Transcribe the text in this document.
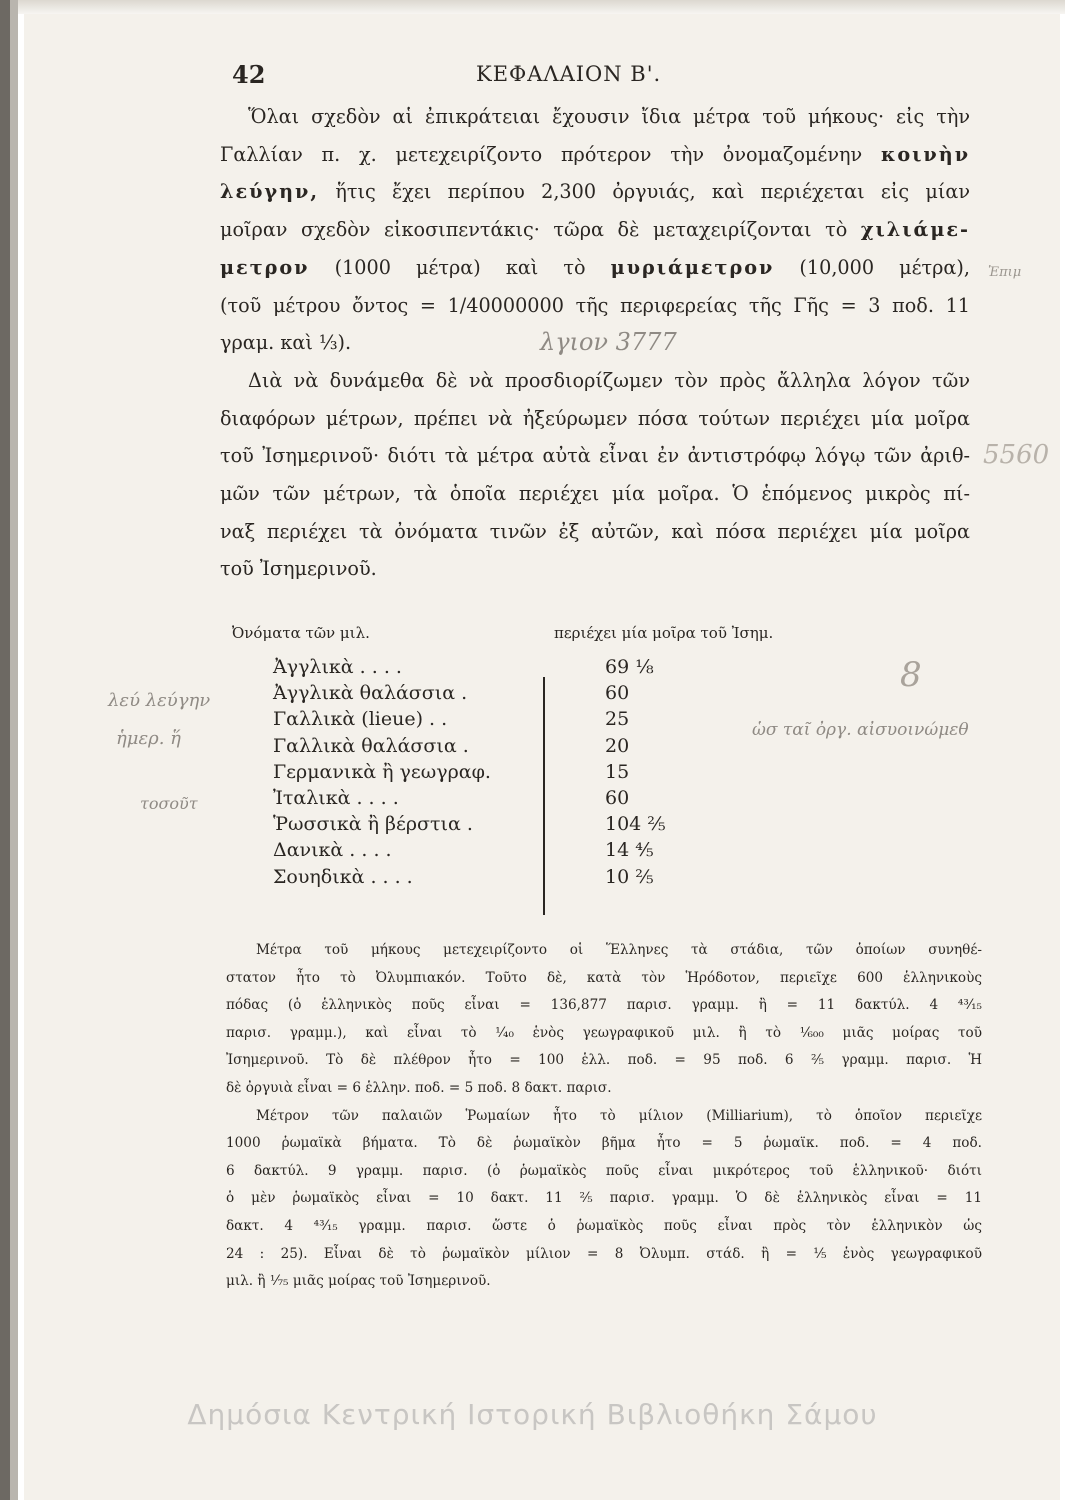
42	ΚΕΦΑΛΑΙΟΝ Β'.

Ὅλαι σχεδὸν αἱ ἐπικράτειαι ἔχουσιν ἴδια μέτρα τοῦ μήκους· εἰς τὴν

Γαλλίαν π. χ. μετεχειρίζοντο πρότερον τὴν ὀνομαζομένην κοινὴν

λεύγην, ἥτις ἔχει περίπου 2,300 ὀργυιάς, καὶ περιέχεται εἰς μίαν

μοῖραν σχεδὸν εἰκοσιπεντάκις· τῶρα δὲ μεταχειρίζονται τὸ χιλιάμε-

μετρον (1000 μέτρα) καὶ τὸ μυριάμετρον (10,000 μέτρα),

(τοῦ μέτρου ὄντος = 1/40000000 τῆς περιφερείας τῆς Γῆς = 3 ποδ. 11

γραμ. καὶ ⅓).

Διὰ νὰ δυνάμεθα δὲ νὰ προσδιορίζωμεν τὸν πρὸς ἄλληλα λόγον τῶν

διαφόρων μέτρων, πρέπει νὰ ἠξεύρωμεν πόσα τούτων περιέχει μία μοῖρα

τοῦ Ἰσημερινοῦ· διότι τὰ μέτρα αὐτὰ εἶναι ἐν ἀντιστρόφῳ λόγῳ τῶν ἀριθ-

μῶν τῶν μέτρων, τὰ ὁποῖα περιέχει μία μοῖρα. Ὁ ἑπόμενος μικρὸς πί-

ναξ περιέχει τὰ ὀνόματα τινῶν ἐξ αὐτῶν, καὶ πόσα περιέχει μία μοῖρα

τοῦ Ἰσημερινοῦ.

Ὀνόματα τῶν μιλ.	περιέχει μία μοῖρα τοῦ Ἰσημ.
Ἀγγλικὰ . . . .	69 ⅛
Ἀγγλικὰ θαλάσσια .	60
Γαλλικὰ (lieue) . .	25
Γαλλικὰ θαλάσσια .	20
Γερμανικὰ ἢ γεωγραφ.	15
Ἰταλικὰ . . . .	60
Ῥωσσικὰ ἢ βέρστια .	104 ⅖
Δανικὰ . . . .	14 ⅘
Σουηδικὰ . . . .	10 ⅖

Μέτρα τοῦ μήκους μετεχειρίζοντο οἱ Ἕλληνες τὰ στάδια, τῶν ὁποίων συνηθέ-

στατον ἦτο τὸ Ὀλυμπιακόν. Τοῦτο δὲ, κατὰ τὸν Ἡρόδοτον, περιεῖχε 600 ἑλληνικοὺς

πόδας (ὁ ἑλληνικὸς ποῦς εἶναι = 136,877 παρισ. γραμμ. ἢ = 11 δακτύλ. 4 ⁴³⁄₁₅

παρισ. γραμμ.), καὶ εἶναι τὸ ¹⁄₄₀ ἑνὸς γεωγραφικοῦ μιλ. ἢ τὸ ¹⁄₆₀₀ μιᾶς μοίρας τοῦ

Ἰσημερινοῦ. Τὸ δὲ πλέθρον ἦτο = 100 ἑλλ. ποδ. = 95 ποδ. 6 ²⁄₅ γραμμ. παρισ. Ἡ

δὲ ὀργυιὰ εἶναι = 6 ἑλλην. ποδ. = 5 ποδ. 8 δακτ. παρισ.

Μέτρον τῶν παλαιῶν Ῥωμαίων ἦτο τὸ μίλιον (Milliarium), τὸ ὁποῖον περιεῖχε

1000 ῥωμαϊκὰ βήματα. Τὸ δὲ ῥωμαϊκὸν βῆμα ἦτο = 5 ῥωμαϊκ. ποδ. = 4 ποδ.

6 δακτύλ. 9 γραμμ. παρισ. (ὁ ῥωμαϊκὸς ποῦς εἶναι μικρότερος τοῦ ἑλληνικοῦ· διότι

ὁ μὲν ῥωμαϊκὸς εἶναι = 10 δακτ. 11 ²⁄₅ παρισ. γραμμ. Ὁ δὲ ἑλληνικὸς εἶναι = 11

δακτ. 4 ⁴³⁄₁₅ γραμμ. παρισ. ὥστε ὁ ῥωμαϊκὸς ποῦς εἶναι πρὸς τὸν ἑλληνικὸν ὡς

24 : 25). Εἶναι δὲ τὸ ῥωμαϊκὸν μίλιον = 8 Ὀλυμπ. στάδ. ἢ = ⅕ ἑνὸς γεωγραφικοῦ

μιλ. ἢ ¹⁄₇₅ μιᾶς μοίρας τοῦ Ἰσημερινοῦ.

λγιον 3777
ὡσ ταῖ ὀργ. αἰσυοινώμεθ
λεύ λεύγην
ἡμερ. ἥ
τοσοῦτ
5560
8
Ἐπιμ
Δημόσια Κεντρική Ιστορική Βιβλιοθήκη Σάμου
